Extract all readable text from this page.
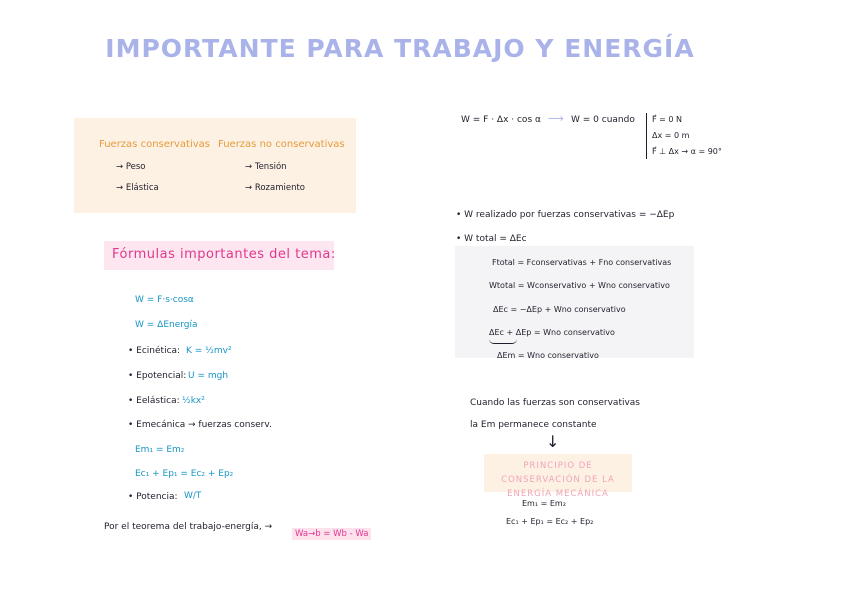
IMPORTANTE PARA TRABAJO Y ENERGÍA
Fuerzas conservativas Fuerzas no conservativas
→ Peso
→ Elástica
→ Tensión
→ Rozamiento
Fórmulas importantes del tema:
W = F·s·cosα
W = ΔEnergía
• Ecinética: K = ½mv²
• Epotencial: U = mgh
• Eelástica: ½kx²
• Emecánica → fuerzas conserv.
Em₁ = Em₂
Ec₁ + Ep₁ = Ec₂ + Ep₂
• Potencia: W/T
Por el teorema del trabajo-energía, →
Wa→b = Wb - Wa
W = F · Δx · cos α ⟶ W = 0 cuando F⃗ = 0 N
Δx = 0 m
F⃗ ⊥ Δx → α = 90°
• W realizado por fuerzas conservativas = −ΔEp
• W total = ΔEc
Ftotal = Fconservativas + Fno conservativas
Wtotal = Wconservativo + Wno conservativo
ΔEc = −ΔEp + Wno conservativo
ΔEc + ΔEp = Wno conservativo
ΔEm = Wno conservativo
Cuando las fuerzas son conservativas
la Em permanece constante
↓
PRINCIPIO DE CONSERVACIÓN DE LA ENERGÍA MECÁNICA
Em₁ = Em₂
Ec₁ + Ep₁ = Ec₂ + Ep₂
